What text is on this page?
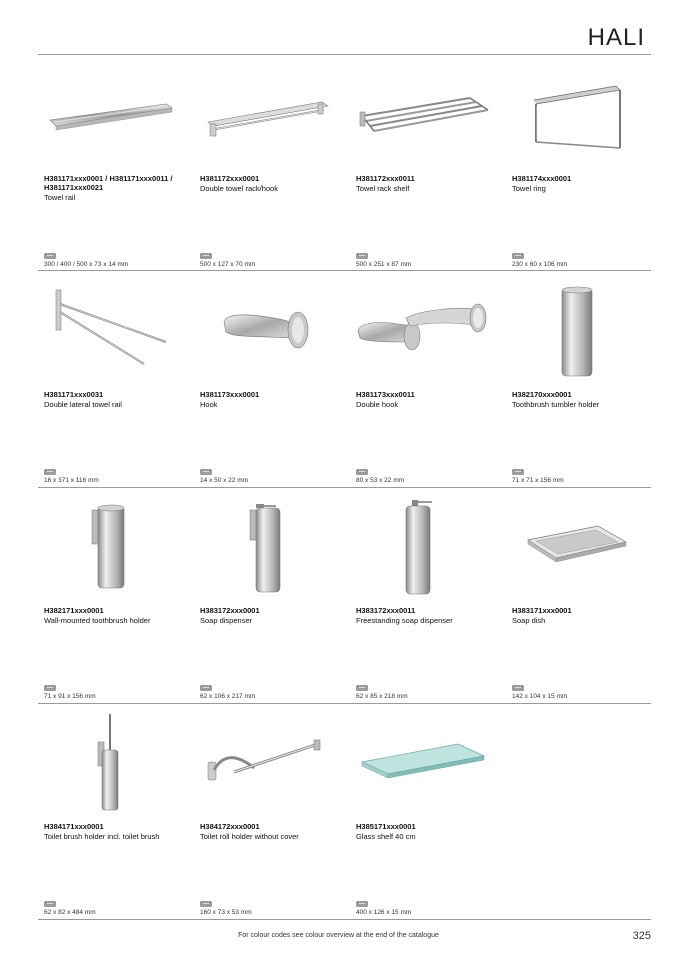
HALI
H381171xxx0001 / H381171xxx0011 / H381171xxx0021
Towel rail
300 / 400 / 500 x 73 x 14 mm
H381172xxx0001
Double towel rack/hook
500 x 127 x 70 mm
H381172xxx0011
Towel rack shelf
500 x 251 x 87 mm
H381174xxx0001
Towel ring
230 x 60 x 106 mm
H381171xxx0031
Double lateral towel rail
16 x 371 x 116 mm
H381173xxx0001
Hook
14 x 50 x 22 mm
H381173xxx0011
Double hook
80 x 53 x 22 mm
H382170xxx0001
Toothbrush tumbler holder
71 x 71 x 156 mm
H382171xxx0001
Wall-mounted toothbrush holder
71 x 91 x 156 mm
H383172xxx0001
Soap dispenser
62 x 106 x 217 mm
H383172xxx0011
Freestanding soap dispenser
62 x 85 x 218 mm
H383171xxx0001
Soap dish
142 x 104 x 15 mm
H384171xxx0001
Toilet brush holder incl. toilet brush
62 x 82 x 484 mm
H384172xxx0001
Toilet roll holder without cover
160 x 73 x 53 mm
H385171xxx0001
Glass shelf 40 cm
400 x 126 x 15 mm
For colour codes see colour overview at the end of the catalogue	325
